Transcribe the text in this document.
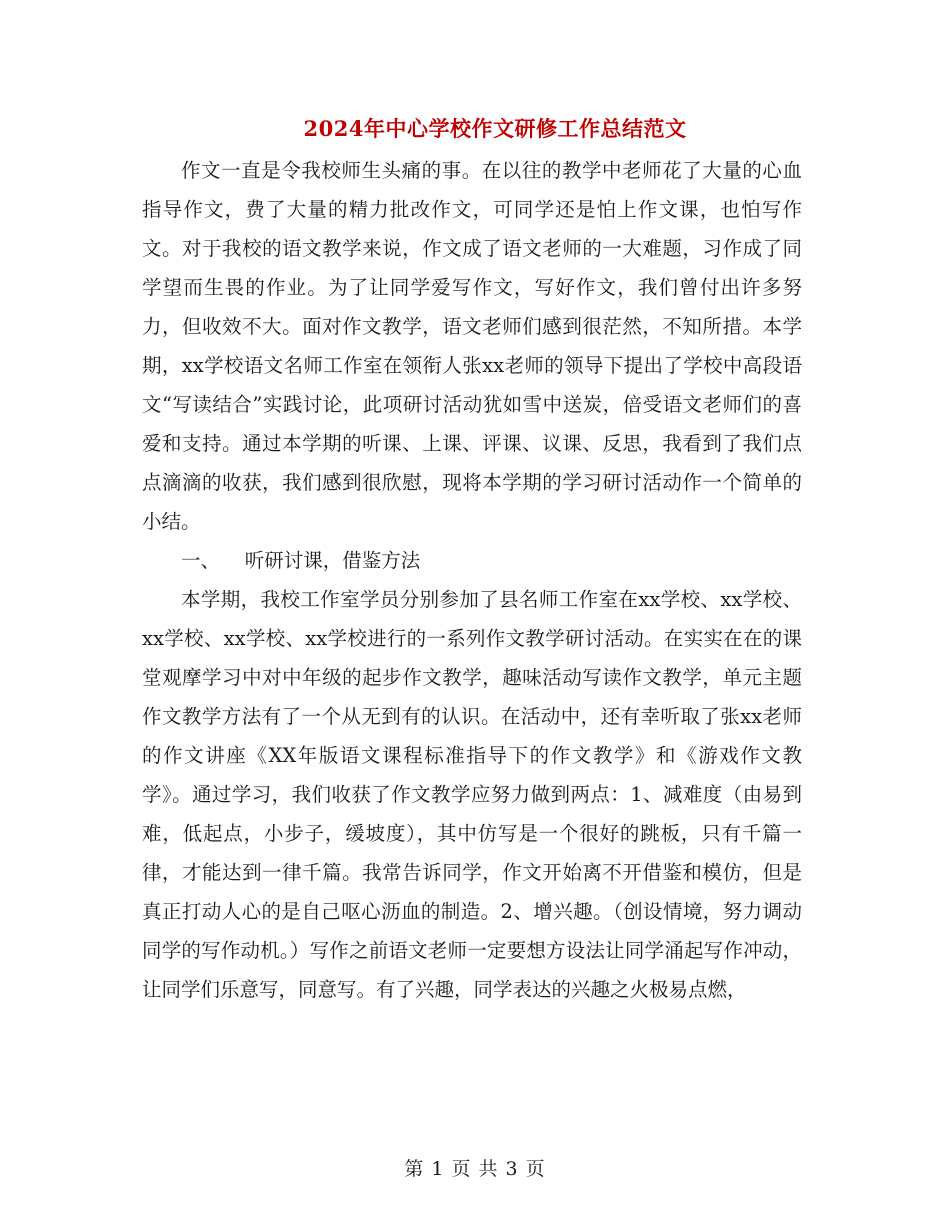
2024年中心学校作文研修工作总结范文

作文一直是令我校师生头痛的事。在以往的教学中老师花了大量的心血指导作文，费了大量的精力批改作文，可同学还是怕上作文课，也怕写作文。对于我校的语文教学来说，作文成了语文老师的一大难题，习作成了同学望而生畏的作业。为了让同学爱写作文，写好作文，我们曾付出许多努力，但收效不大。面对作文教学，语文老师们感到很茫然，不知所措。本学期，xx学校语文名师工作室在领衔人张xx老师的领导下提出了学校中高段语文“写读结合”实践讨论，此项研讨活动犹如雪中送炭，倍受语文老师们的喜爱和支持。通过本学期的听课、上课、评课、议课、反思，我看到了我们点点滴滴的收获，我们感到很欣慰，现将本学期的学习研讨活动作一个简单的小结。

一、    听研讨课，借鉴方法

本学期，我校工作室学员分别参加了县名师工作室在xx学校、xx学校、xx学校、xx学校、xx学校进行的一系列作文教学研讨活动。在实实在在的课堂观摩学习中对中年级的起步作文教学，趣味活动写读作文教学，单元主题作文教学方法有了一个从无到有的认识。在活动中，还有幸听取了张xx老师的作文讲座《XX年版语文课程标准指导下的作文教学》和《游戏作文教学》。通过学习，我们收获了作文教学应努力做到两点：1、减难度（由易到难，低起点，小步子，缓坡度），其中仿写是一个很好的跳板，只有千篇一律，才能达到一律千篇。我常告诉同学，作文开始离不开借鉴和模仿，但是真正打动人心的是自己呕心沥血的制造。2、增兴趣。（创设情境，努力调动同学的写作动机。）写作之前语文老师一定要想方设法让同学涌起写作冲动，让同学们乐意写，同意写。有了兴趣，同学表达的兴趣之火极易点燃，

第 1 页 共 3 页
